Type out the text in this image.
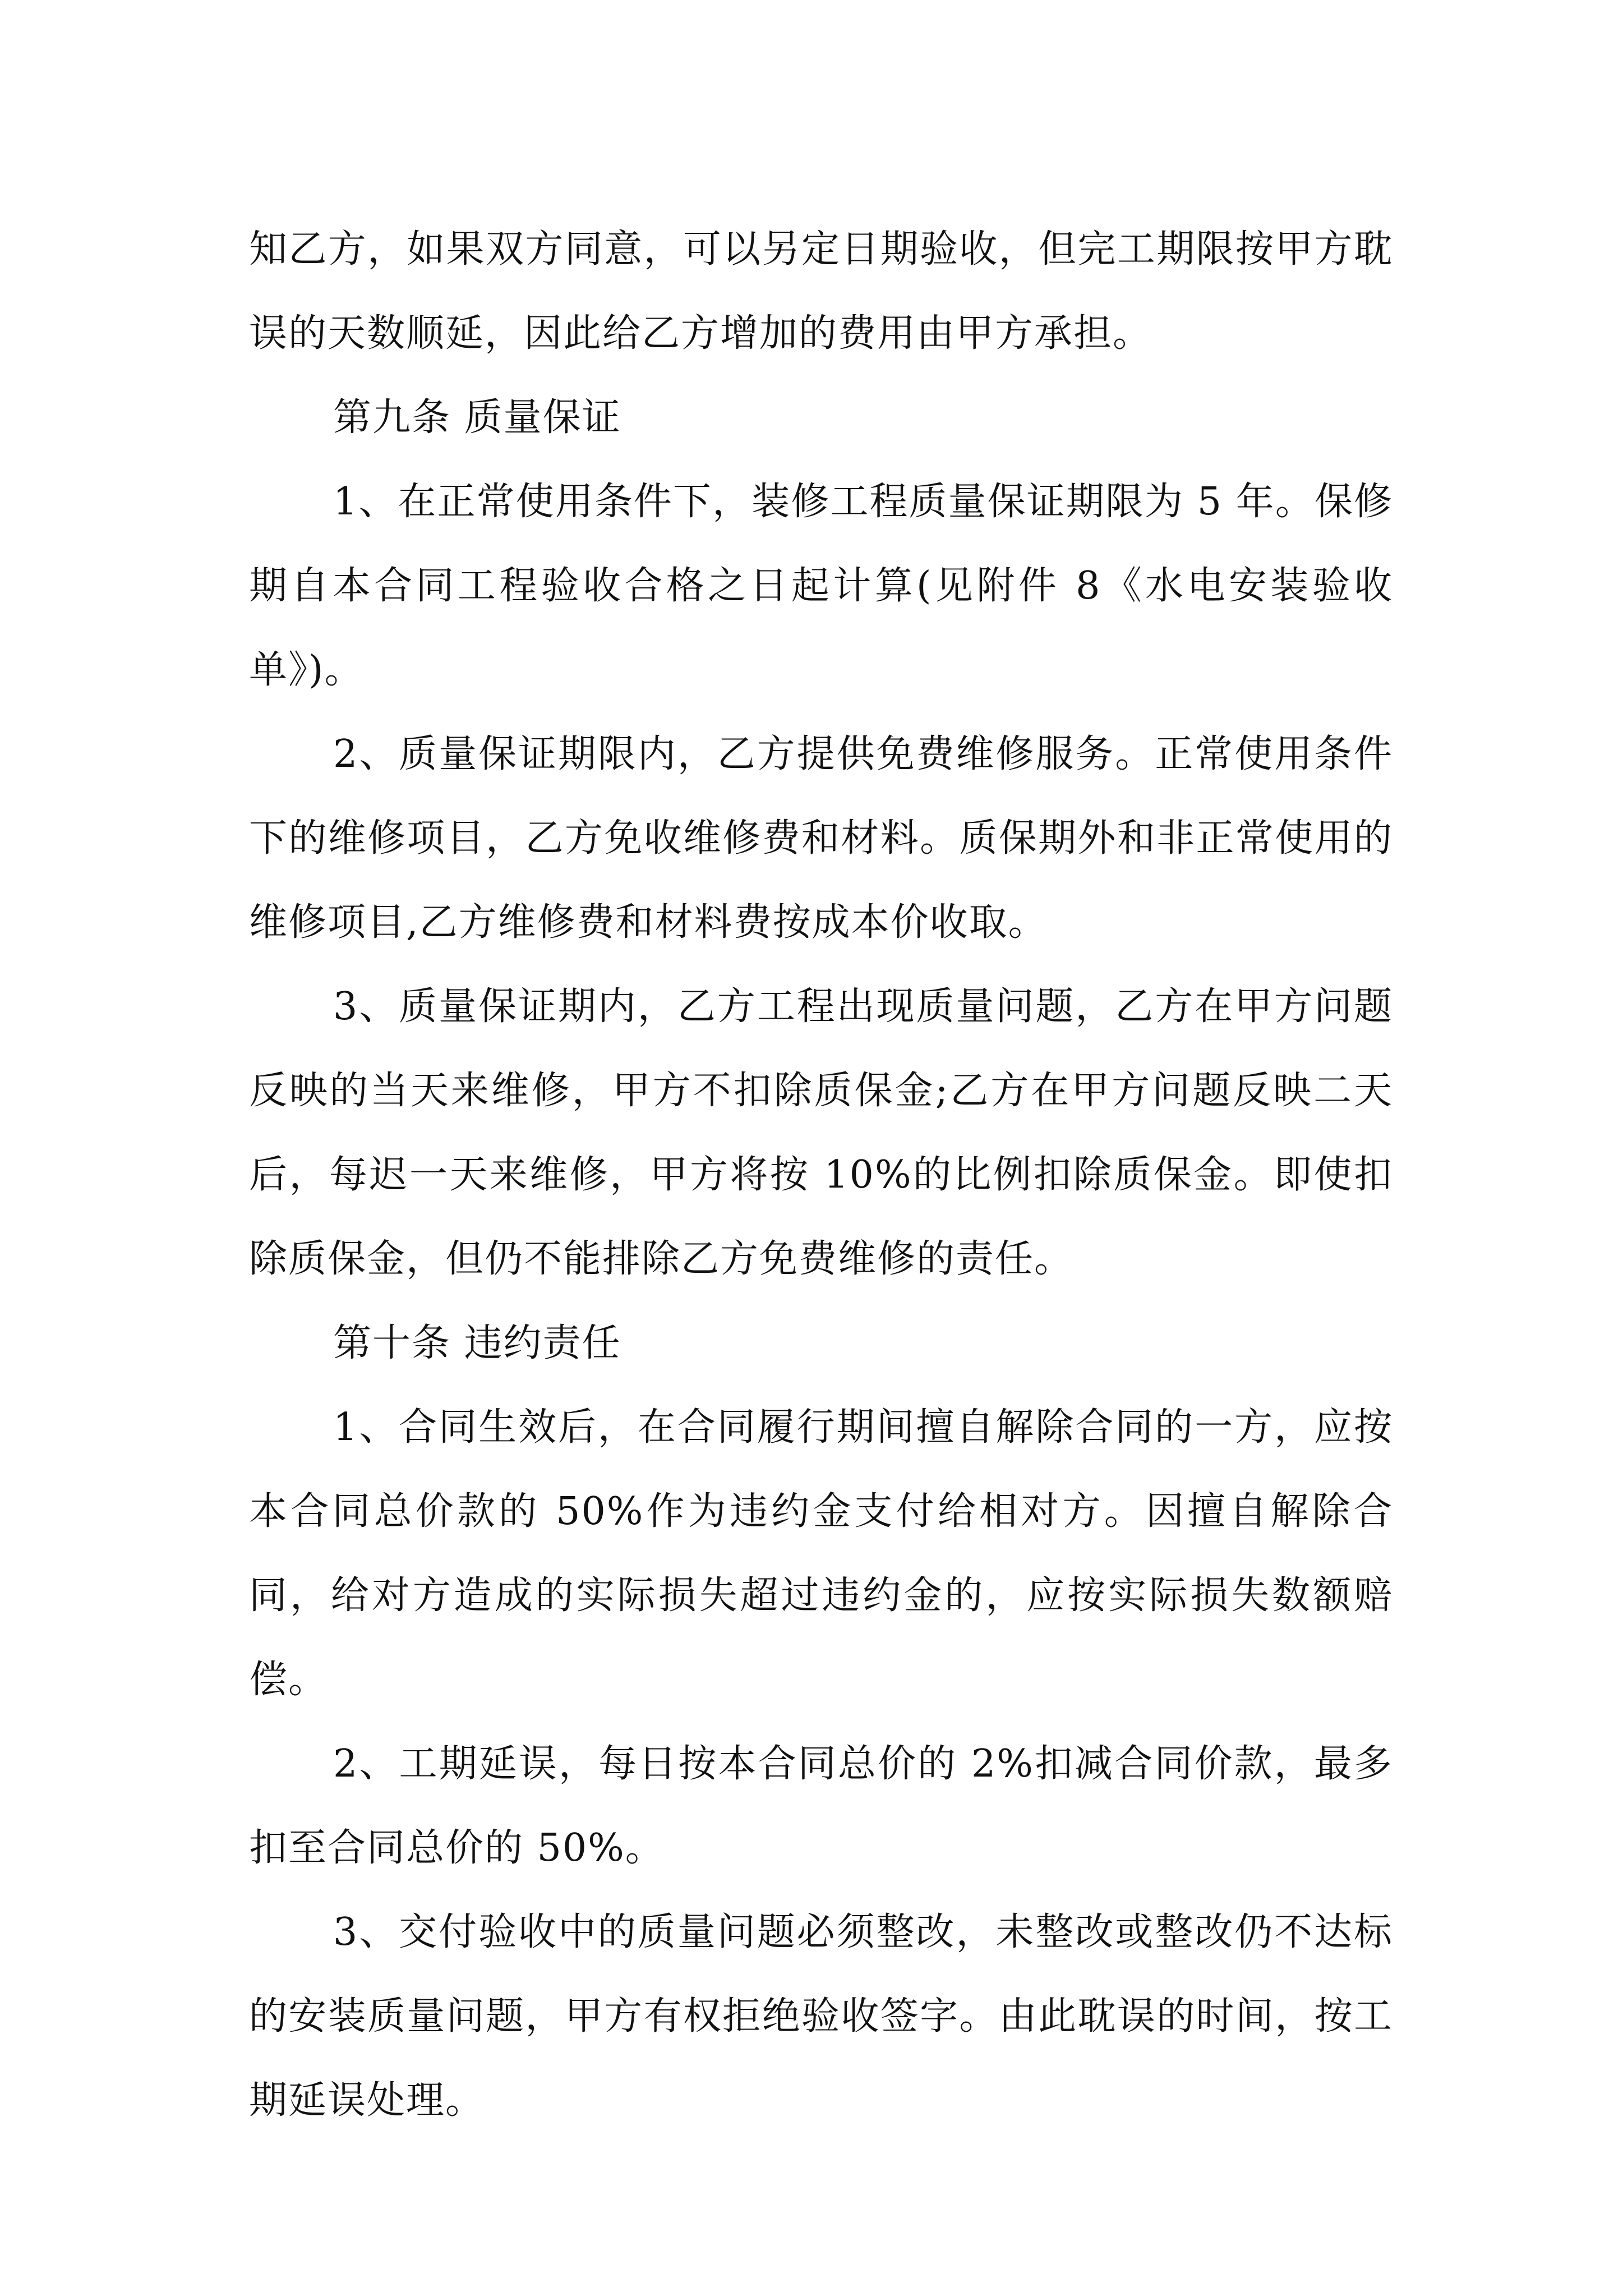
知乙方，如果双方同意，可以另定日期验收，但完工期限按甲方耽误的天数顺延，因此给乙方增加的费用由甲方承担。

第九条 质量保证

1、在正常使用条件下，装修工程质量保证期限为 5 年。保修期自本合同工程验收合格之日起计算(见附件 8《水电安装验收单》)。

2、质量保证期限内，乙方提供免费维修服务。正常使用条件下的维修项目，乙方免收维修费和材料。质保期外和非正常使用的维修项目,乙方维修费和材料费按成本价收取。

3、质量保证期内，乙方工程出现质量问题，乙方在甲方问题反映的当天来维修，甲方不扣除质保金;乙方在甲方问题反映二天后，每迟一天来维修，甲方将按 10%的比例扣除质保金。即使扣除质保金，但仍不能排除乙方免费维修的责任。

第十条 违约责任

1、合同生效后，在合同履行期间擅自解除合同的一方，应按本合同总价款的 50%作为违约金支付给相对方。因擅自解除合同，给对方造成的实际损失超过违约金的，应按实际损失数额赔偿。

2、工期延误，每日按本合同总价的 2%扣减合同价款，最多扣至合同总价的 50%。

3、交付验收中的质量问题必须整改，未整改或整改仍不达标的安装质量问题，甲方有权拒绝验收签字。由此耽误的时间，按工期延误处理。
